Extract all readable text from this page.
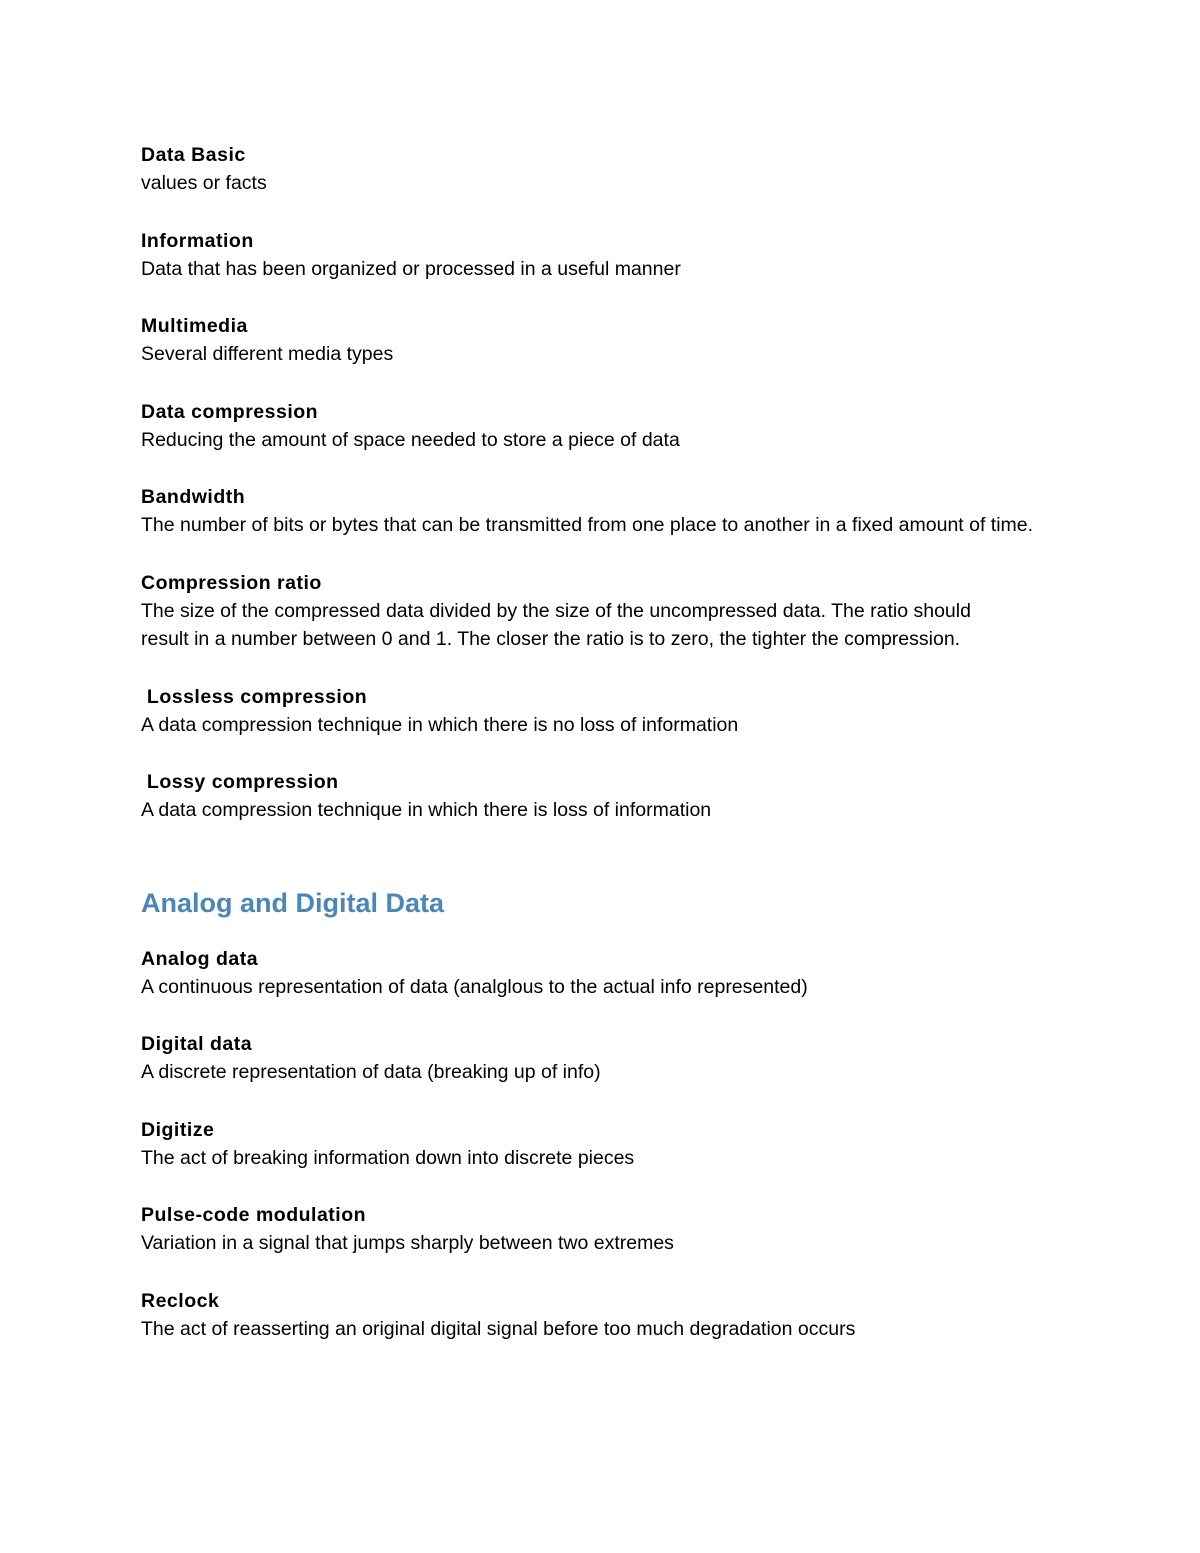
Data Basic
values or facts
Information
Data that has been organized or processed in a useful manner
Multimedia
Several different media types
Data compression
Reducing the amount of space needed to store a piece of data
Bandwidth
The number of bits or bytes that can be transmitted from one place to another in a fixed amount of time.
Compression ratio
The size of the compressed data divided by the size of the uncompressed data. The ratio should result in a number between 0 and 1. The closer the ratio is to zero, the tighter the compression.
Lossless compression
A data compression technique in which there is no loss of information
Lossy compression
A data compression technique in which there is loss of information
Analog and Digital Data
Analog data
A continuous representation of data (analglous to the actual info represented)
Digital data
A discrete representation of data (breaking up of info)
Digitize
The act of breaking information down into discrete pieces
Pulse-code modulation
Variation in a signal that jumps sharply between two extremes
Reclock
The act of reasserting an original digital signal before too much degradation occurs
